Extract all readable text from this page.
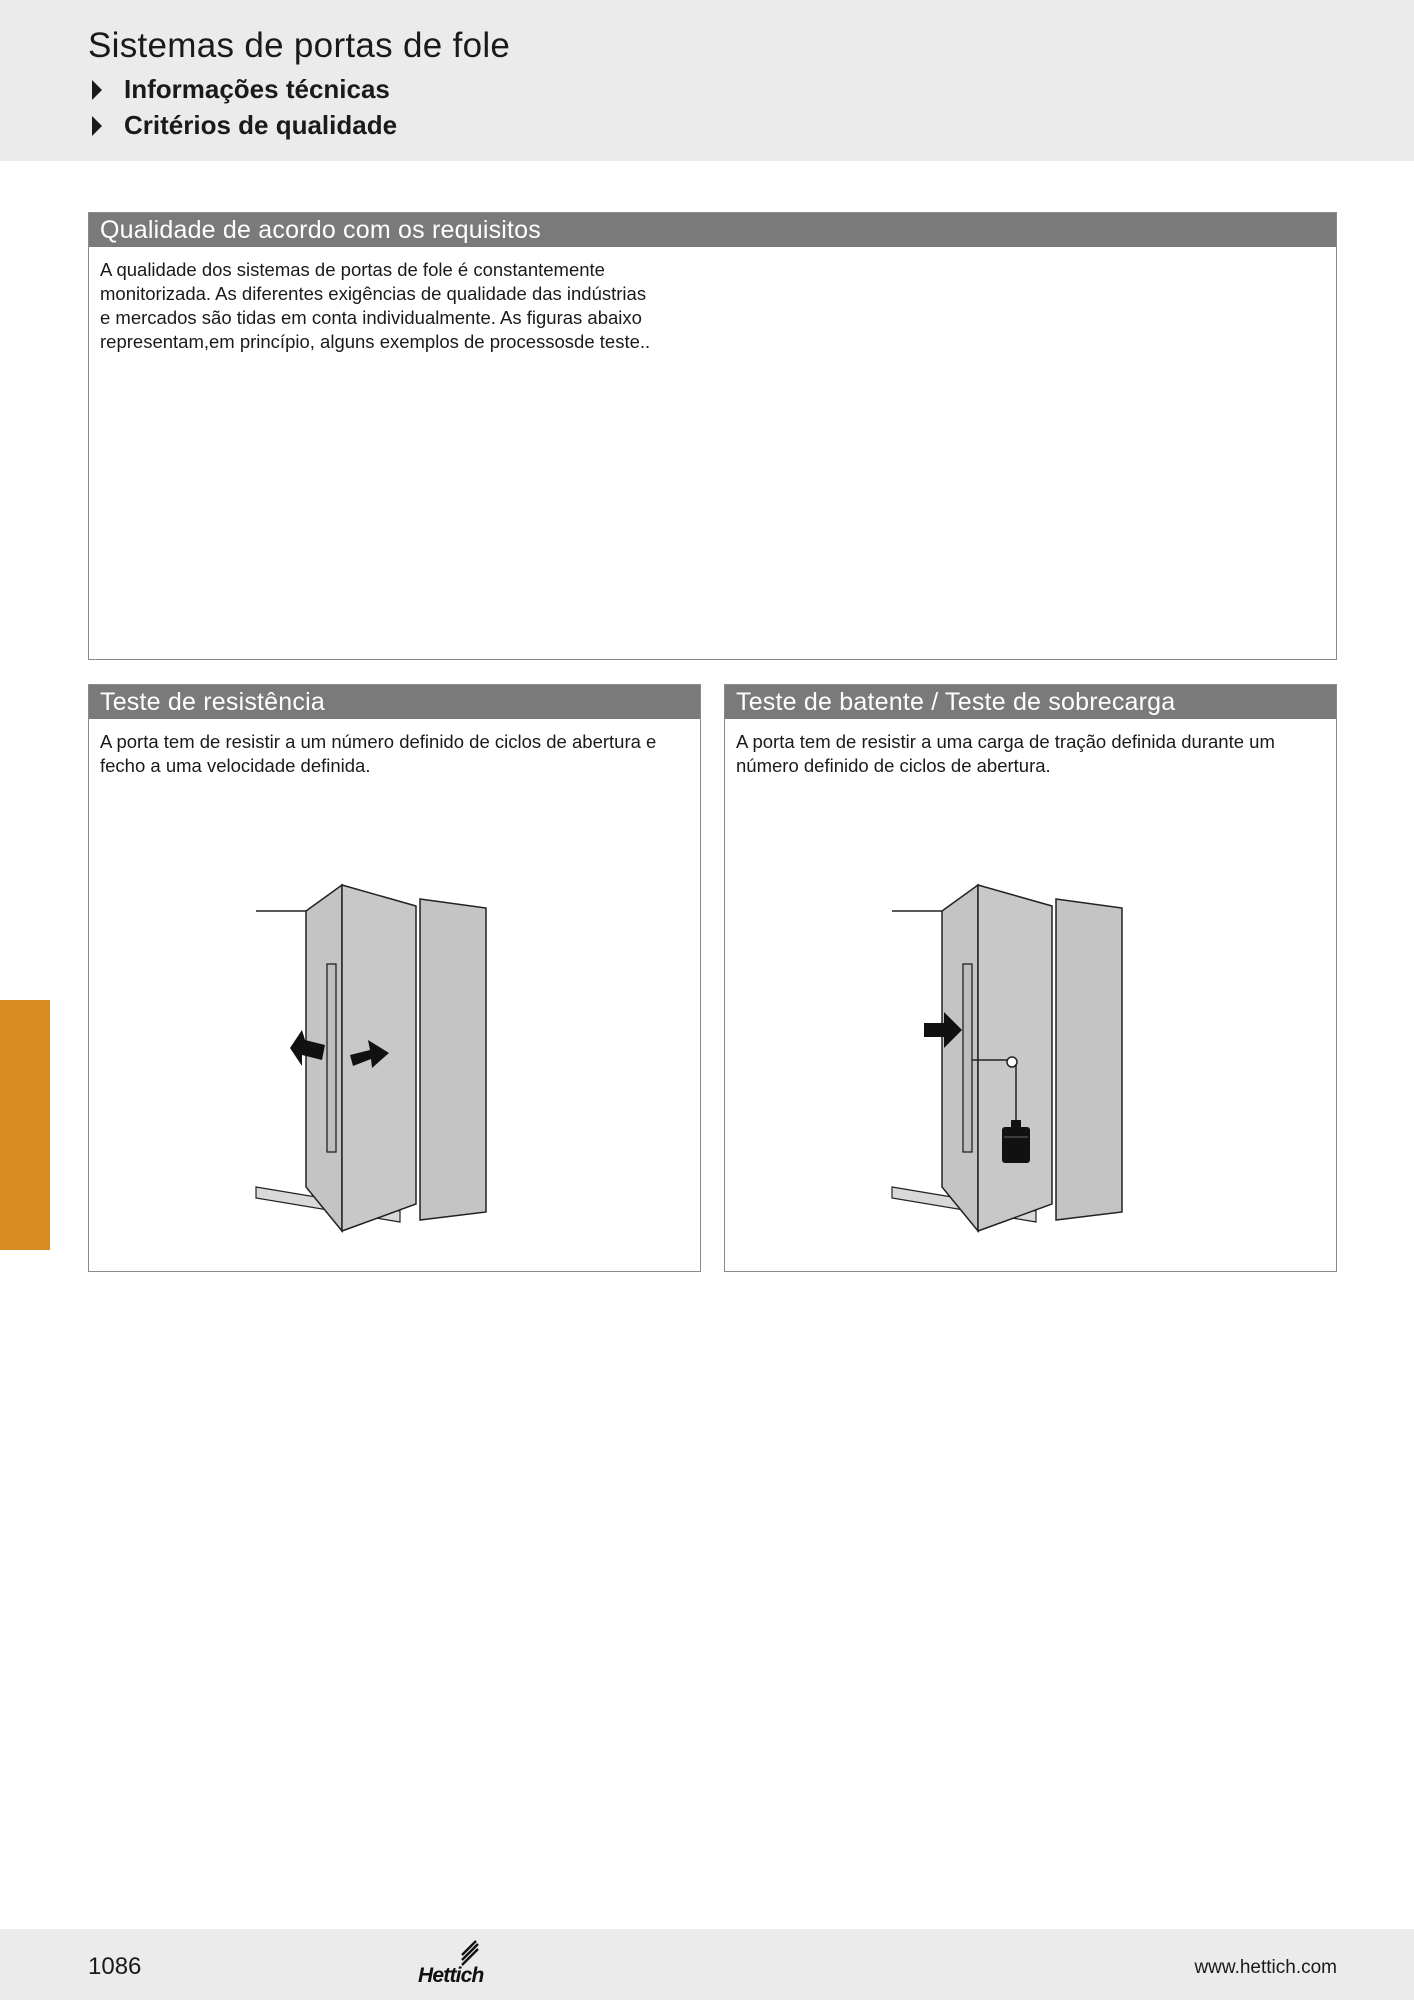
Sistemas de portas de fole
Informações técnicas
Critérios de qualidade
Qualidade de acordo com os requisitos
A qualidade dos sistemas de portas de fole é constantemente monitorizada. As diferentes exigências de qualidade das indústrias e mercados são tidas em conta individualmente. As figuras abaixo representam,em princípio, alguns exemplos de processosde teste..
Teste de resistência
A porta tem de resistir a um número definido de ciclos de abertura e fecho a uma velocidade definida.
Teste de batente / Teste de sobrecarga
A porta tem de resistir a uma carga de tração definida durante um número definido de ciclos de abertura.
1086	Hettich	www.hettich.com
